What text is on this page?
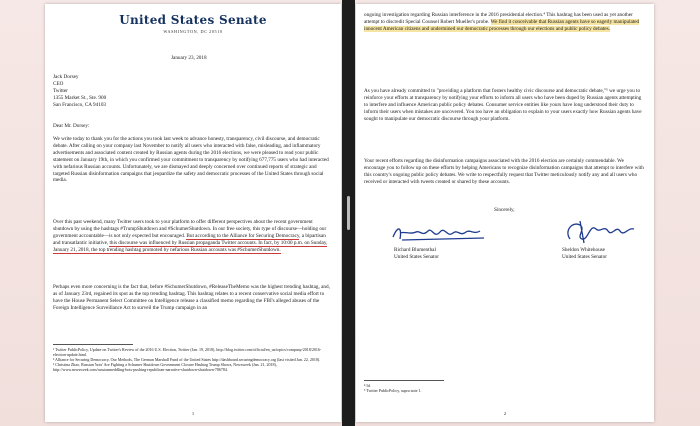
United States Senate
WASHINGTON, DC 20510
January 23, 2018
Jack Dorsey
CEO
Twitter
1355 Market St., Ste. 900
San Francisco, CA 94103
Dear Mr. Dorsey:

We write today to thank you for the actions you took last week to advance honesty, transparency, civil discourse, and democratic debate. After calling on your company last November to notify all users who interacted with false, misleading, and inflammatory advertisements and associated content created by Russian agents during the 2016 elections, we were pleased to read your public statement on January 19th, in which you confirmed your commitment to transparency by notifying 677,775 users who had interacted with nefarious Russian accounts. Unfortunately, we are dismayed and deeply concerned over continued reports of strategic and targeted Russian disinformation campaigns that jeopardize the safety and democratic processes of the United States through social media.

Over this past weekend, many Twitter users took to your platform to offer different perspectives about the recent government shutdown by using the hashtags #TrumpShutdown and #SchumerShutdown. In our free society, this type of discourse—holding our government accountable—is not only expected but encouraged. But according to the Alliance for Securing Democracy, a bipartisan and transatlantic initiative, this discourse was influenced by Russian propaganda Twitter accounts. In fact, by 10:00 p.m. on Sunday, January 21, 2018, the top trending hashtag promoted by nefarious Russian accounts was #SchumerShutdown.

Perhaps even more concerning is the fact that, before #SchumerShutdown, #ReleaseTheMemo was the highest trending hashtag, and, as of January 23rd, regained its spot as the top trending hashtag. This hashtag relates to a recent conservative social media effort to have the House Permanent Select Committee on Intelligence release a classified memo regarding the FBI's alleged abuses of the Foreign Intelligence Surveillance Act to surveil the Trump campaign in an

¹ Twitter PublicPolicy, Update on Twitter's Review of the 2016 U.S. Election, Twitter (Jan. 19, 2018), http://blog.twitter.com/official/en_us/topics/company/2018/2016-election-update.html.
² Alliance for Securing Democracy, Our Methods, The German Marshall Fund of the United States http://dashboard.securingdemocracy.org (last visited Jan. 22, 2018).
³ Christina Zhao, Russian 'bots' Are Fighting a Schumer Shutdown Government Closure Hashtag Trump Shows, Newsweek (Jan. 21, 2018), http://www.newsweek.com/russianmeddling-bots-pushing-republican-narrative-shutdown-shutdown-786784.
1

ongoing investigation regarding Russian interference in the 2016 presidential election.⁴ This hashtag has been used as yet another attempt to discredit Special Counsel Robert Mueller's probe. We find it conceivable that Russian agents have so eagerly manipulated innocent American citizens and undermined our democratic processes through our elections and public policy debates.

As you have already committed to "providing a platform that fosters healthy civic discourse and democratic debate,"⁵ we urge you to reinforce your efforts at transparency by notifying your efforts to inform all users who have been duped by Russian agents attempting to interfere and influence American public policy debates. Consumer service entities like yours have long understood their duty to inform their users when mistakes are uncovered. You too have an obligation to explain to your users exactly how Russian agents have sought to manipulate our democratic discourse through your platform.

Your recent efforts regarding the disinformation campaigns associated with the 2016 election are certainly commendable. We encourage you to follow up on these efforts by helping Americans to recognize disinformation campaigns that attempt to interfere with this country's ongoing public policy debates. We write to respectfully request that Twitter meticulously notify any and all users who received or interacted with tweets created or shared by these accounts.

Sincerely,
Richard Blumenthal
United States Senator
Sheldon Whitehouse
United States Senator
⁴ Id.
⁵ Twitter PublicPolicy, supra note 1.
2
